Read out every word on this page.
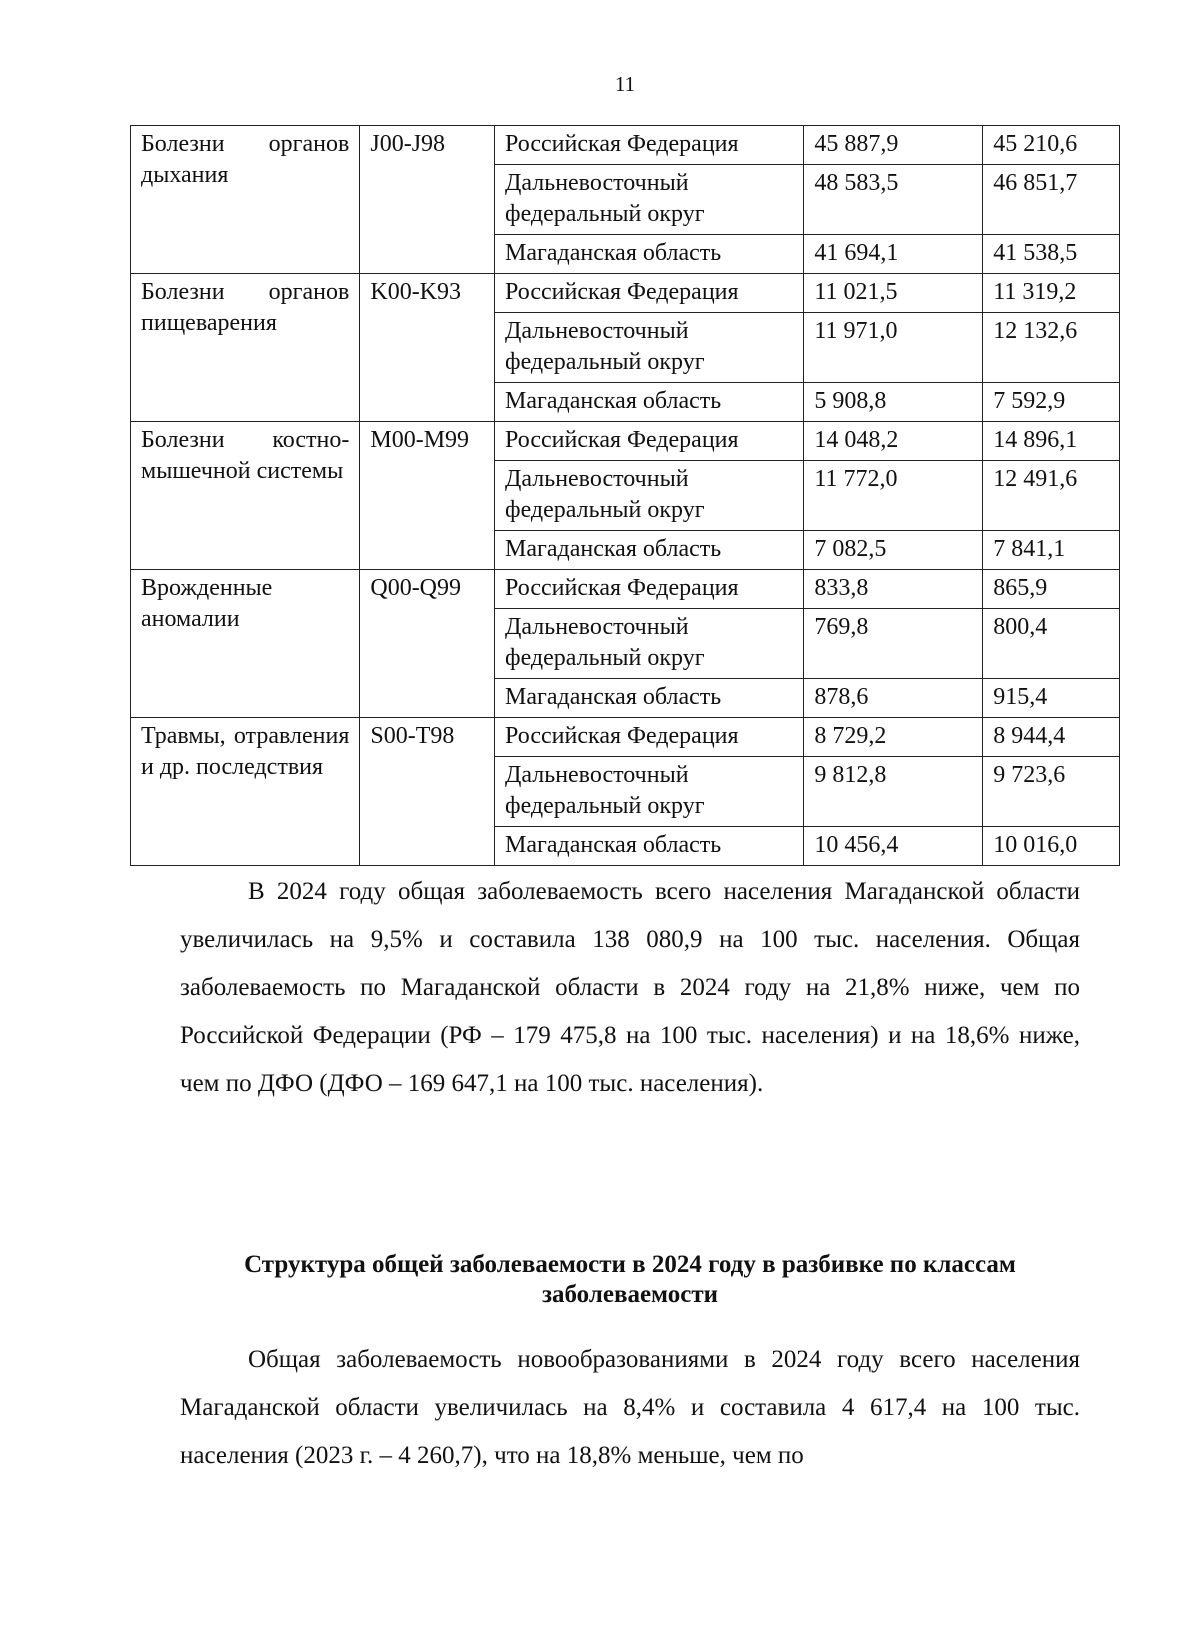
11
Болезни органов дыхания	J00-J98	Российская Федерация	45 887,9	45 210,6
		Дальневосточный федеральный округ	48 583,5	46 851,7
		Магаданская область	41 694,1	41 538,5
Болезни органов пищеварения	K00-K93	Российская Федерация	11 021,5	11 319,2
		Дальневосточный федеральный округ	11 971,0	12 132,6
		Магаданская область	5 908,8	7 592,9
Болезни костно-мышечной системы	M00-M99	Российская Федерация	14 048,2	14 896,1
		Дальневосточный федеральный округ	11 772,0	12 491,6
		Магаданская область	7 082,5	7 841,1
Врожденные аномалии	Q00-Q99	Российская Федерация	833,8	865,9
		Дальневосточный федеральный округ	769,8	800,4
		Магаданская область	878,6	915,4
Травмы, отравления и др. последствия	S00-T98	Российская Федерация	8 729,2	8 944,4
		Дальневосточный федеральный округ	9 812,8	9 723,6
		Магаданская область	10 456,4	10 016,0

В 2024 году общая заболеваемость всего населения Магаданской области увеличилась на 9,5% и составила 138 080,9 на 100 тыс. населения. Общая заболеваемость по Магаданской области в 2024 году на 21,8% ниже, чем по Российской Федерации (РФ – 179 475,8 на 100 тыс. населения) и на 18,6% ниже, чем по ДФО (ДФО – 169 647,1 на 100 тыс. населения).

Структура общей заболеваемости в 2024 году в разбивке по классам заболеваемости

Общая заболеваемость новообразованиями в 2024 году всего населения Магаданской области увеличилась на 8,4% и составила 4 617,4 на 100 тыс. населения (2023 г. – 4 260,7), что на 18,8% меньше, чем по
